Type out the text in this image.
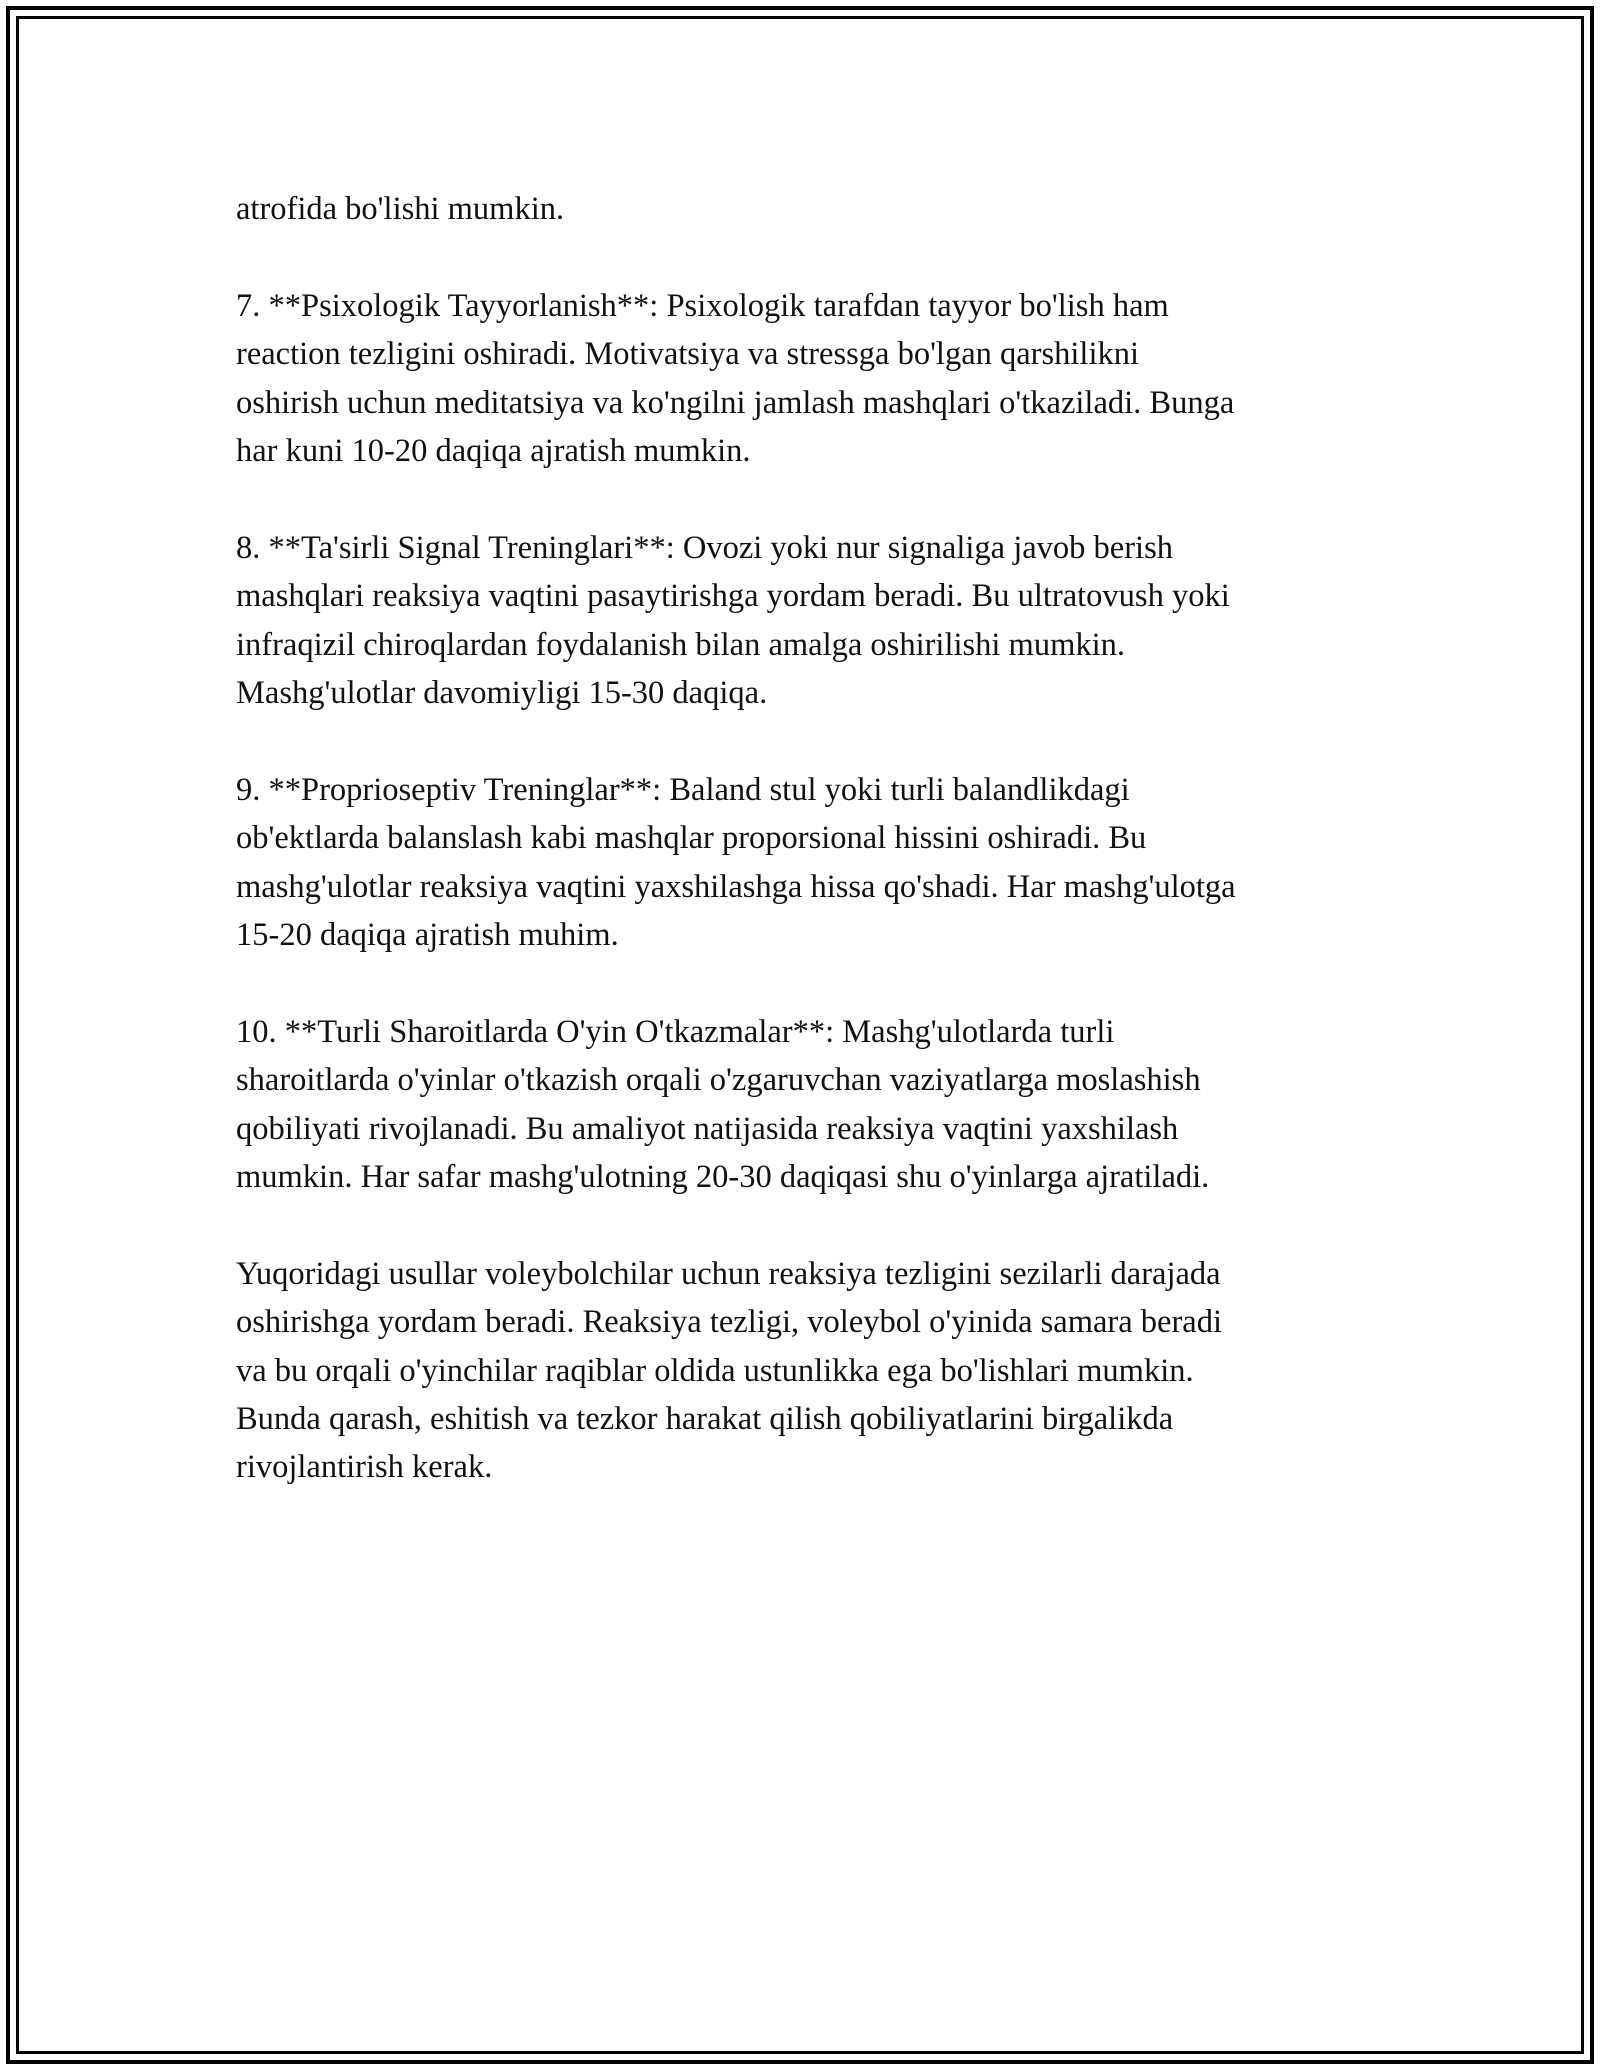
atrofida bo'lishi mumkin.

7. **Psixologik Tayyorlanish**: Psixologik tarafdan tayyor bo'lish ham
reaction tezligini oshiradi. Motivatsiya va stressga bo'lgan qarshilikni
oshirish uchun meditatsiya va ko'ngilni jamlash mashqlari o'tkaziladi. Bunga
har kuni 10-20 daqiqa ajratish mumkin.

8. **Ta'sirli Signal Treninglari**: Ovozi yoki nur signaliga javob berish
mashqlari reaksiya vaqtini pasaytirishga yordam beradi. Bu ultratovush yoki
infraqizil chiroqlardan foydalanish bilan amalga oshirilishi mumkin.
Mashg'ulotlar davomiyligi 15-30 daqiqa.

9. **Proprioseptiv Treninglar**: Baland stul yoki turli balandlikdagi
ob'ektlarda balanslash kabi mashqlar proporsional hissini oshiradi. Bu
mashg'ulotlar reaksiya vaqtini yaxshilashga hissa qo'shadi. Har mashg'ulotga
15-20 daqiqa ajratish muhim.

10. **Turli Sharoitlarda O'yin O'tkazmalar**: Mashg'ulotlarda turli
sharoitlarda o'yinlar o'tkazish orqali o'zgaruvchan vaziyatlarga moslashish
qobiliyati rivojlanadi. Bu amaliyot natijasida reaksiya vaqtini yaxshilash
mumkin. Har safar mashg'ulotning 20-30 daqiqasi shu o'yinlarga ajratiladi.

Yuqoridagi usullar voleybolchilar uchun reaksiya tezligini sezilarli darajada
oshirishga yordam beradi. Reaksiya tezligi, voleybol o'yinida samara beradi
va bu orqali o'yinchilar raqiblar oldida ustunlikka ega bo'lishlari mumkin.
Bunda qarash, eshitish va tezkor harakat qilish qobiliyatlarini birgalikda
rivojlantirish kerak.
